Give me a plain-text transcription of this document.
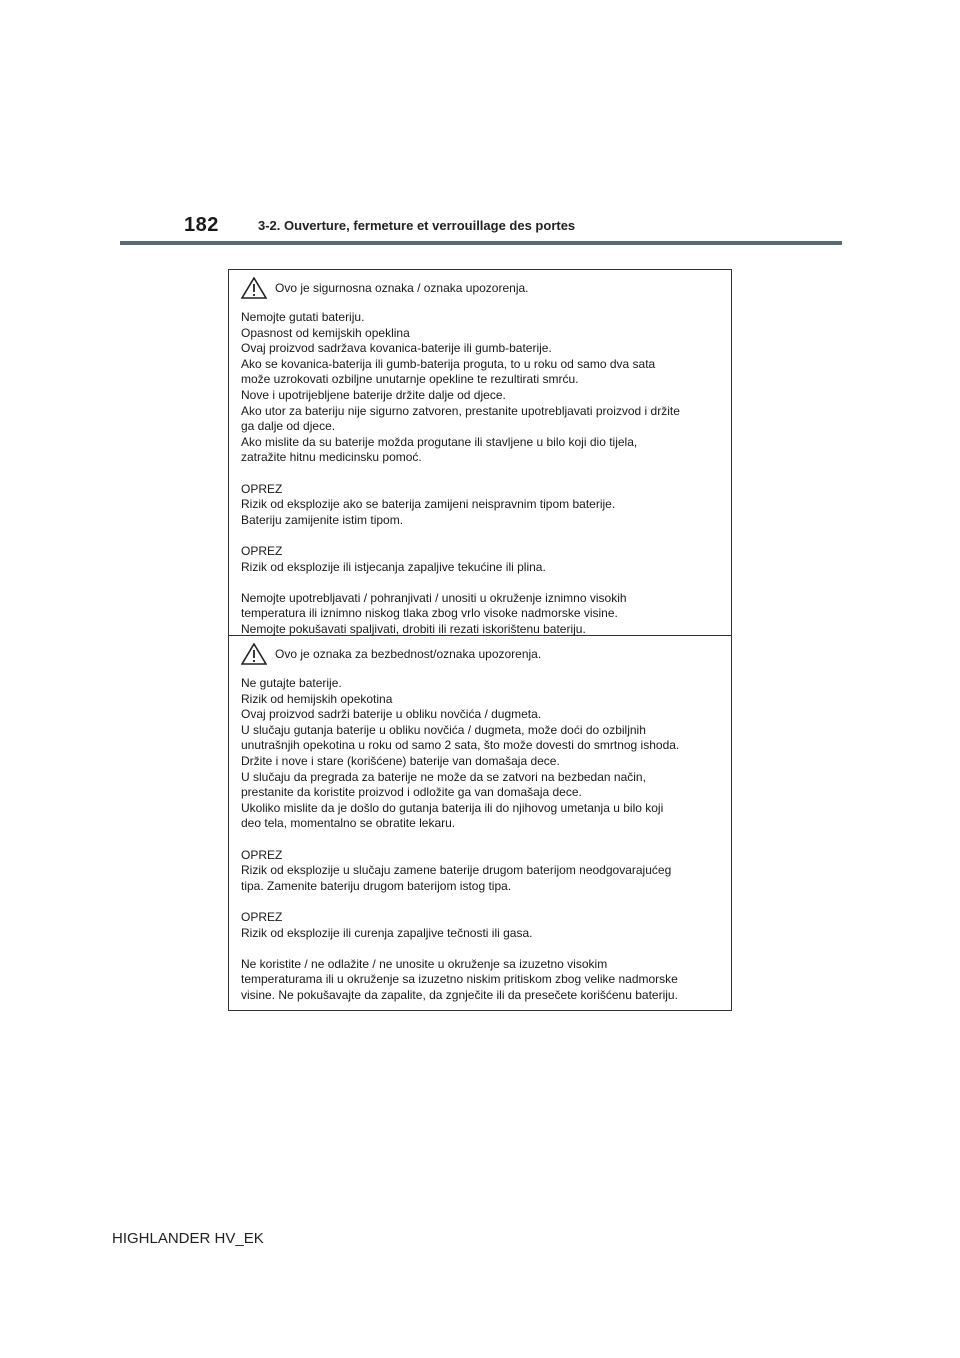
182	3-2. Ouverture, fermeture et verrouillage des portes
Ovo je sigurnosna oznaka / oznaka upozorenja.

Nemojte gutati bateriju.
Opasnost od kemijskih opeklina
Ovaj proizvod sadržava kovanica-baterije ili gumb-baterije.
Ako se kovanica-baterija ili gumb-baterija proguta, to u roku od samo dva sata
može uzrokovati ozbiljne unutarnje opekline te rezultirati smrću.
Nove i upotrijebljene baterije držite dalje od djece.
Ako utor za bateriju nije sigurno zatvoren, prestanite upotrebljavati proizvod i držite
ga dalje od djece.
Ako mislite da su baterije možda progutane ili stavljene u bilo koji dio tijela,
zatražite hitnu medicinsku pomoć.

OPREZ
Rizik od eksplozije ako se baterija zamijeni neispravnim tipom baterije.
Bateriju zamijenite istim tipom.

OPREZ
Rizik od eksplozije ili istjecanja zapaljive tekućine ili plina.

Nemojte upotrebljavati / pohranjivati / unositi u okruženje iznimno visokih
temperatura ili iznimno niskog tlaka zbog vrlo visoke nadmorske visine.
Nemojte pokušavati spaljivati, drobiti ili rezati iskorištenu bateriju.

Ovo je oznaka za bezbednost/oznaka upozorenja.

Ne gutajte baterije.
Rizik od hemijskih opekotina
Ovaj proizvod sadrži baterije u obliku novčića / dugmeta.
U slučaju gutanja baterije u obliku novčića / dugmeta, može doći do ozbiljnih
unutrašnjih opekotina u roku od samo 2 sata, što može dovesti do smrtnog ishoda.
Držite i nove i stare (korišćene) baterije van domašaja dece.
U slučaju da pregrada za baterije ne može da se zatvori na bezbedan način,
prestanite da koristite proizvod i odložite ga van domašaja dece.
Ukoliko mislite da je došlo do gutanja baterija ili do njihovog umetanja u bilo koji
deo tela, momentalno se obratite lekaru.

OPREZ
Rizik od eksplozije u slučaju zamene baterije drugom baterijom neodgovarajućeg
tipa. Zamenite bateriju drugom baterijom istog tipa.

OPREZ
Rizik od eksplozije ili curenja zapaljive tečnosti ili gasa.

Ne koristite / ne odlažite / ne unosite u okruženje sa izuzetno visokim
temperaturama ili u okruženje sa izuzetno niskim pritiskom zbog velike nadmorske
visine. Ne pokušavajte da zapalite, da zgnječite ili da presečete korišćenu bateriju.

HIGHLANDER HV_EK
